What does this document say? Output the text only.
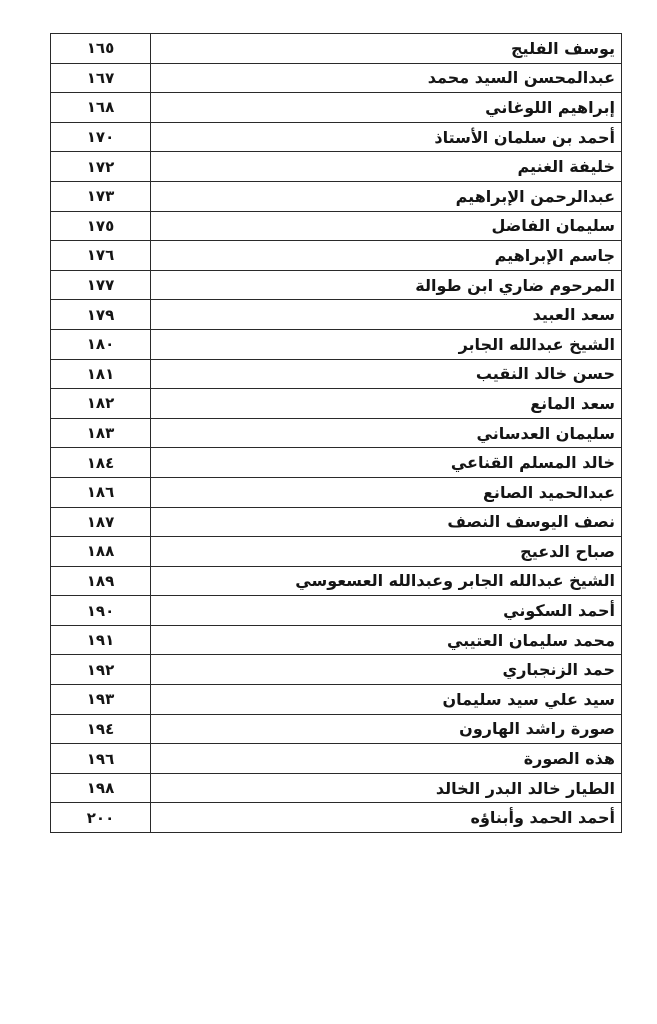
١٦٥	يوسف الفليج
١٦٧	عبدالمحسن السيد محمد
١٦٨	إبراهيم اللوغاني
١٧٠	أحمد بن سلمان الأستاذ
١٧٢	خليفة الغنيم
١٧٣	عبدالرحمن الإبراهيم
١٧٥	سليمان الفاضل
١٧٦	جاسم الإبراهيم
١٧٧	المرحوم ضاري ابن طوالة
١٧٩	سعد العبيد
١٨٠	الشيخ عبدالله الجابر
١٨١	حسن خالد النقيب
١٨٢	سعد المانع
١٨٣	سليمان العدساني
١٨٤	خالد المسلم القناعي
١٨٦	عبدالحميد الصانع
١٨٧	نصف اليوسف النصف
١٨٨	صباح الدعيج
١٨٩	الشيخ عبدالله الجابر وعبدالله العسعوسي
١٩٠	أحمد السكوني
١٩١	محمد سليمان العتيبي
١٩٢	حمد الزنجباري
١٩٣	سيد علي سيد سليمان
١٩٤	صورة راشد الهارون
١٩٦	هذه الصورة
١٩٨	الطيار خالد البدر الخالد
٢٠٠	أحمد الحمد وأبناؤه
